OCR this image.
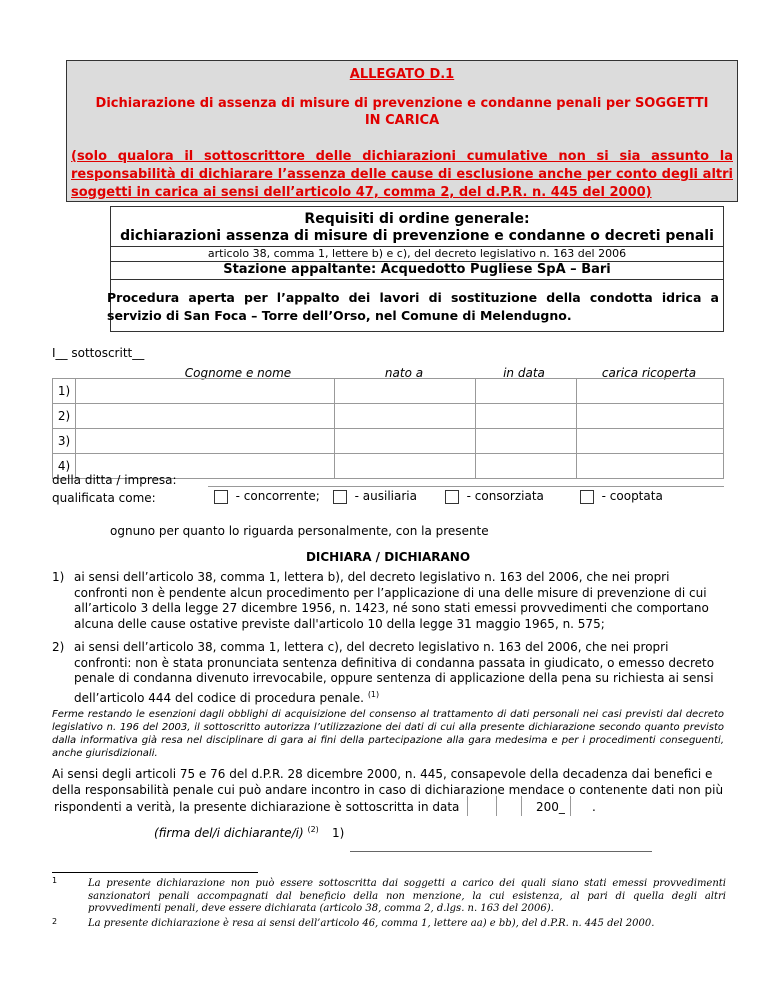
ALLEGATO D.1
Dichiarazione di assenza di misure di prevenzione e condanne penali per SOGGETTI IN CARICA

(solo qualora il sottoscrittore delle dichiarazioni cumulative non si sia assunto la responsabilità di dichiarare l’assenza delle cause di esclusione anche per conto degli altri soggetti in carica ai sensi dell’articolo 47, comma 2, del d.P.R. n. 445 del 2000)

Requisiti di ordine generale:
dichiarazioni assenza di misure di prevenzione e condanne o decreti penali
articolo 38, comma 1, lettere b) e c), del decreto legislativo n. 163 del 2006
Stazione appaltante: Acquedotto Pugliese SpA – Bari

Procedura aperta per l’appalto dei lavori di sostituzione della condotta idrica a servizio di San Foca – Torre dell’Orso, nel Comune di Melendugno.

I__ sottoscritt__
Cognome e nome	nato a	in data	carica ricoperta
1)				
2)				
3)				
4)				
della ditta / impresa:
qualificata come:	- concorrente;	- ausiliaria	- consorziata	- cooptata
ognuno per quanto lo riguarda personalmente, con la presente
DICHIARA / DICHIARANO
1) ai sensi dell’articolo 38, comma 1, lettera b), del decreto legislativo n. 163 del 2006, che nei propri confronti non è pendente alcun procedimento per l’applicazione di una delle misure di prevenzione di cui all’articolo 3 della legge 27 dicembre 1956, n. 1423, né sono stati emessi provvedimenti che comportano alcuna delle cause ostative previste dall'articolo 10 della legge 31 maggio 1965, n. 575;

2) ai sensi dell’articolo 38, comma 1, lettera c), del decreto legislativo n. 163 del 2006, che nei propri confronti: non è stata pronunciata sentenza definitiva di condanna passata in giudicato, o emesso decreto penale di condanna divenuto irrevocabile, oppure sentenza di applicazione della pena su richiesta ai sensi dell’articolo 444 del codice di procedura penale. $^{(1)}$

Ferme restando le esenzioni dagli obblighi di acquisizione del consenso al trattamento di dati personali nei casi previsti dal decreto legislativo n. 196 del 2003, il sottoscritto autorizza l’utilizzazione dei dati di cui alla presente dichiarazione secondo quanto previsto dalla informativa già resa nel disciplinare di gara ai fini della partecipazione alla gara medesima e per i procedimenti conseguenti, anche giurisdizionali.

Ai sensi degli articoli 75 e 76 del d.P.R. 28 dicembre 2000, n. 445, consapevole della decadenza dai benefici e della responsabilità penale cui può andare incontro in caso di dichiarazione mendace o contenente dati non più

rispondenti a verità, la presente dichiarazione è sottoscritta in data	200_ .
(firma del/i dichiarante/i) $^{(2)}$ 1)
1	La presente dichiarazione non può essere sottoscritta dai soggetti a carico dei quali siano stati emessi provvedimenti sanzionatori penali accompagnati dal beneficio della non menzione, la cui esistenza, al pari di quella degli altri provvedimenti penali, deve essere dichiarata (articolo 38, comma 2, d.lgs. n. 163 del 2006).

2	La presente dichiarazione è resa ai sensi dell’articolo 46, comma 1, lettere aa) e bb), del d.P.R. n. 445 del 2000.
